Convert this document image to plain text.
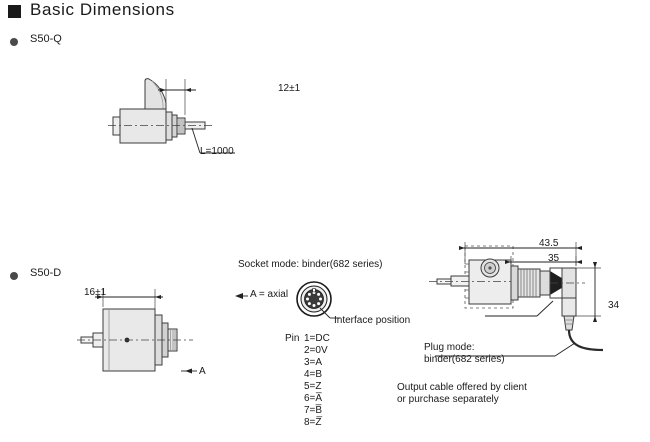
Basic Dimensions
S50-Q
12±1
L=1000
S50-D
16±1
A
Socket mode: binder(682 series)
A = axial
Interface position
Pin 1=DC
2=0V
3=A
4=B
5=Z
6=A̅
7=B̅
8=Z̅
43.5
35
34
Plug mode:
binder(682 series)
Output cable offered by client
or purchase separately
